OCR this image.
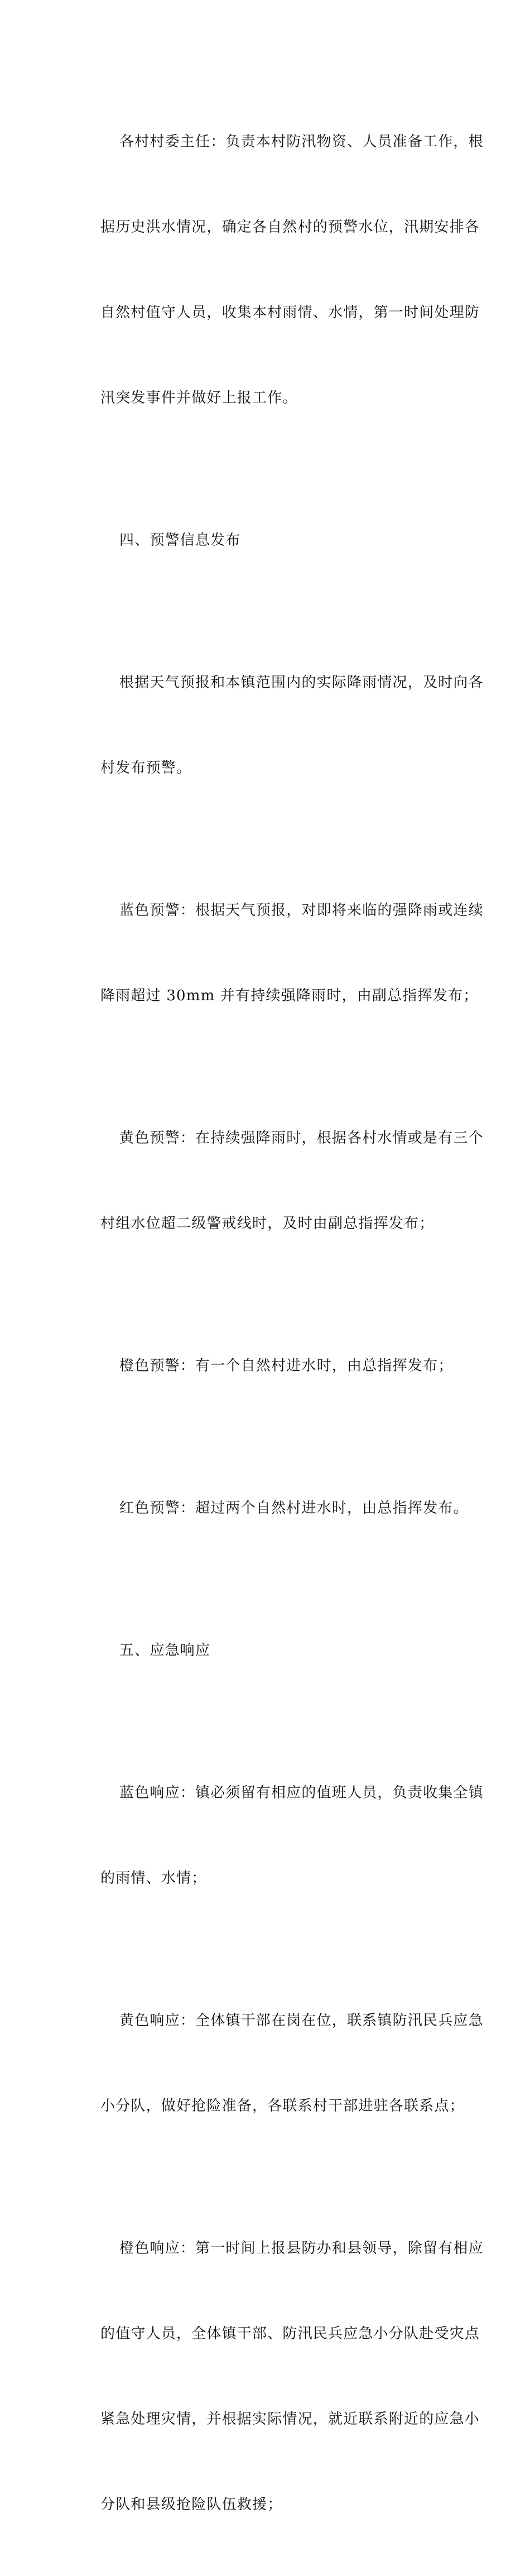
各村村委主任：负责本村防汛物资、人员准备工作，根

据历史洪水情况，确定各自然村的预警水位，汛期安排各

自然村值守人员，收集本村雨情、水情，第一时间处理防

汛突发事件并做好上报工作。

四、预警信息发布

根据天气预报和本镇范围内的实际降雨情况，及时向各

村发布预警。

蓝色预警：根据天气预报，对即将来临的强降雨或连续

降雨超过 30mm 并有持续强降雨时，由副总指挥发布；

黄色预警：在持续强降雨时，根据各村水情或是有三个

村组水位超二级警戒线时，及时由副总指挥发布；

橙色预警：有一个自然村进水时，由总指挥发布；

红色预警：超过两个自然村进水时，由总指挥发布。

五、应急响应

蓝色响应：镇必须留有相应的值班人员，负责收集全镇

的雨情、水情；

黄色响应：全体镇干部在岗在位，联系镇防汛民兵应急

小分队，做好抢险准备，各联系村干部进驻各联系点；

橙色响应：第一时间上报县防办和县领导，除留有相应

的值守人员，全体镇干部、防汛民兵应急小分队赴受灾点

紧急处理灾情，并根据实际情况，就近联系附近的应急小

分队和县级抢险队伍救援；
